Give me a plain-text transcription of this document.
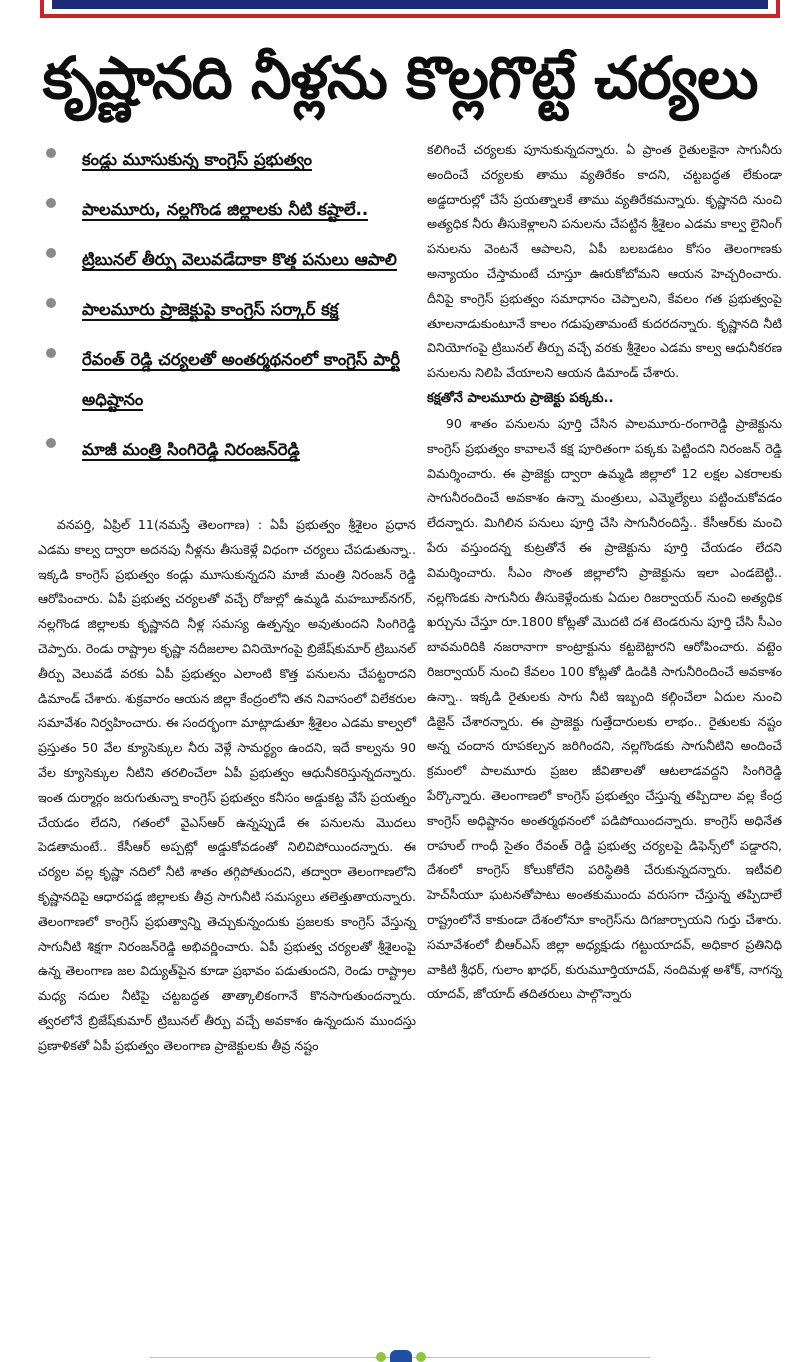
కృష్ణానది నీళ్లను కొల్లగొట్టే చర్యలు
కండ్లు మూసుకున్న కాంగ్రెస్ ప్రభుత్వం
పాలమూరు, నల్లగొండ జిల్లాలకు నీటి కష్టాలే..
ట్రిబునల్ తీర్పు వెలువడేదాకా కొత్త పనులు ఆపాలి
పాలమూరు ప్రాజెక్టుపై కాంగ్రెస్ సర్కార్ కక్ష
రేవంత్ రెడ్డి చర్యలతో అంతర్మథనంలో కాంగ్రెస్ పార్టీ అధిష్టానం
మాజీ మంత్రి సింగిరెడ్డి నిరంజన్‌రెడ్డి

వనపర్తి, ఏప్రిల్ 11(నమస్తే తెలంగాణ) : ఏపీ ప్రభుత్వం శ్రీశైలం ప్రధాన ఎడమ కాల్వ ద్వారా అదనపు నీళ్లను తీసుకెళ్లే విధంగా చర్యలు చేపడుతున్నా.. ఇక్కడి కాంగ్రెస్ ప్రభుత్వం కండ్లు మూసుకున్నదని మాజీ మంత్రి నిరంజన్ రెడ్డి ఆరోపించారు. ఏపీ ప్రభుత్వ చర్యలతో వచ్చే రోజుల్లో ఉమ్మడి మహబూబ్‌నగర్, నల్లగొండ జిల్లాలకు కృష్ణానది నీళ్ల సమస్య ఉత్పన్నం అవుతుందని సింగిరెడ్డి చెప్పారు. రెండు రాష్ట్రాల కృష్ణా నదీజలాల వినియోగంపై బ్రిజేష్‌కుమార్ ట్రిబునల్ తీర్పు వెలువడే వరకు ఏపీ ప్రభుత్వం ఎలాంటి కొత్త పనులను చేపట్టరాదని డిమాండ్ చేశారు. శుక్రవారం ఆయన జిల్లా కేంద్రంలోని తన నివాసంలో విలేకరుల సమావేశం నిర్వహించారు. ఈ సందర్భంగా మాట్లాడుతూ శ్రీశైలం ఎడమ కాల్వలో ప్రస్తుతం 50 వేల క్యూసెక్కుల నీరు వెళ్లే సామర్థ్యం ఉందని, ఇదే కాల్వను 90 వేల క్యూసెక్కుల నీటిని తరలించేలా ఏపీ ప్రభుత్వం ఆధునీకరిస్తున్నదన్నారు. ఇంత దుర్మార్గం జరుగుతున్నా కాంగ్రెస్ ప్రభుత్వం కనీసం అడ్డుకట్ట వేసే ప్రయత్నం చేయడం లేదని, గతంలో వైఎస్ఆర్ ఉన్నప్పుడే ఈ పనులను మొదలు పెడతామంటే.. కేసీఆర్ అప్పట్లో అడ్డుకోవడంతో నిలిచిపోయిందన్నారు. ఈ చర్యల వల్ల కృష్ణా నదిలో నీటి శాతం తగ్గిపోతుందని, తద్వారా తెలంగాణలోని కృష్ణానదిపై ఆధారపడ్డ జిల్లాలకు తీవ్ర సాగునీటి సమస్యలు తలెత్తుతాయన్నారు. తెలంగాణలో కాంగ్రెస్ ప్రభుత్వాన్ని తెచ్చుకున్నందుకు ప్రజలకు కాంగ్రెస్ వేస్తున్న సాగునీటి శిక్షగా నిరంజన్‌రెడ్డి అభివర్ణించారు. ఏపీ ప్రభుత్వ చర్యలతో శ్రీశైలంపై ఉన్న తెలంగాణ జల విద్యుత్‌పైన కూడా ప్రభావం పడుతుందని, రెండు రాష్ట్రాల మధ్య నదుల నీటిపై చట్టబద్ధత తాత్కాలికంగానే కొనసాగుతుందన్నారు. త్వరలోనే బ్రిజేష్‌కుమార్ ట్రిబునల్ తీర్పు వచ్చే అవకాశం ఉన్నందున ముందస్తు ప్రణాళికతో ఏపీ ప్రభుత్వం తెలంగాణ ప్రాజెక్టులకు తీవ్ర నష్టం

కలిగించే చర్యలకు పూనుకున్నదన్నారు. ఏ ప్రాంత రైతులకైనా సాగునీరు అందించే చర్యలకు తాము వ్యతిరేకం కాదని, చట్టబద్ధత లేకుండా అడ్డదారుల్లో చేసే ప్రయత్నాలకే తాము వ్యతిరేకమన్నారు. కృష్ణానది నుంచి అత్యధిక నీరు తీసుకెళ్లాలని పనులను చేపట్టిన శ్రీశైలం ఎడమ కాల్వ లైనింగ్ పనులను వెంటనే ఆపాలని, ఏపీ బలబడటం కోసం తెలంగాణకు అన్యాయం చేస్తామంటే చూస్తూ ఊరుకోబోమని ఆయన హెచ్చరించారు. దీనిపై కాంగ్రెస్ ప్రభుత్వం సమాధానం చెప్పాలని, కేవలం గత ప్రభుత్వంపై తూలనాడుకుంటూనే కాలం గడుపుతామంటే కుదరదన్నారు. కృష్ణానది నీటి వినియోగంపై ట్రిబునల్ తీర్పు వచ్చే వరకు శ్రీశైలం ఎడమ కాల్వ ఆధునీకరణ పనులను నిలిపి వేయాలని ఆయన డిమాండ్ చేశారు.

కక్షతోనే పాలమూరు ప్రాజెక్టు పక్కకు..

90 శాతం పనులను పూర్తి చేసిన పాలమూరు-రంగారెడ్డి ప్రాజెక్టును కాంగ్రెస్ ప్రభుత్వం కావాలనే కక్ష పూరితంగా పక్కకు పెట్టిందని నిరంజన్ రెడ్డి విమర్శించారు. ఈ ప్రాజెక్టు ద్వారా ఉమ్మడి జిల్లాలో 12 లక్షల ఎకరాలకు సాగునీరందించే అవకాశం ఉన్నా మంత్రులు, ఎమ్మెల్యేలు పట్టించుకోవడం లేదన్నారు. మిగిలిన పనులు పూర్తి చేసి సాగునీరందిస్తే.. కేసీఆర్‌కు మంచి పేరు వస్తుందన్న కుట్రతోనే ఈ ప్రాజెక్టును పూర్తి చేయడం లేదని విమర్శించారు. సీఎం సొంత జిల్లాలోని ప్రాజెక్టును ఇలా ఎండబెట్టి.. నల్లగొండకు సాగునీరు తీసుకెళ్లేందుకు ఏదుల రిజర్వాయర్ నుంచి అత్యధిక ఖర్చును చేస్తూ రూ.1800 కోట్లతో మొదటి దశ టెండరును పూర్తి చేసి సీఎం బావమరిదికి నజరానాగా కాంట్రాక్టును కట్టబెట్టారని ఆరోపించారు. వట్టెం రిజర్వాయర్ నుంచి కేవలం 100 కోట్లతో డిండికి సాగునీరిందించే అవకాశం ఉన్నా.. ఇక్కడి రైతులకు సాగు నీటి ఇబ్బంది కల్గించేలా ఏదుల నుంచి డిజైన్ చేశారన్నారు. ఈ ప్రాజెక్టు గుత్తేదారులకు లాభం.. రైతులకు నష్టం అన్న చందాన రూపకల్పన జరిగిందని, నల్లగొండకు సాగునీటిని అందించే క్రమంలో పాలమూరు ప్రజల జీవితాలతో ఆటలాడవద్దని సింగిరెడ్డి పేర్కొన్నారు. తెలంగాణలో కాంగ్రెస్ ప్రభుత్వం చేస్తున్న తప్పిదాల వల్ల కేంద్ర కాంగ్రెస్ అధిష్టానం అంతర్మథనంలో పడిపోయిందన్నారు. కాంగ్రెస్ అధినేత రాహుల్ గాంధీ సైతం రేవంత్ రెడ్డి ప్రభుత్వ చర్యలపై డిఫెన్స్‌లో పడ్డారని, దేశంలో కాంగ్రెస్ కోలుకోలేని పరిస్థితికి చేరుకున్నదన్నారు. ఇటీవలి హెచ్‌సీయూ ఘటనతోపాటు అంతకుముందు వరుసగా చేస్తున్న తప్పిదాలే రాష్ట్రంలోనే కాకుండా దేశంలోనూ కాంగ్రెస్‌ను దిగజార్చాయని గుర్తు చేశారు. సమావేశంలో బీఆర్ఎస్ జిల్లా అధ్యక్షుడు గట్టుయాదవ్, అధికార ప్రతినిధి వాకిటి శ్రీధర్, గులాం ఖాధర్, కురుమూర్తియాదవ్, నందిమళ్ల అశోక్, నాగన్న యాదవ్, జోయాద్ తదితరులు పాల్గొన్నారు
